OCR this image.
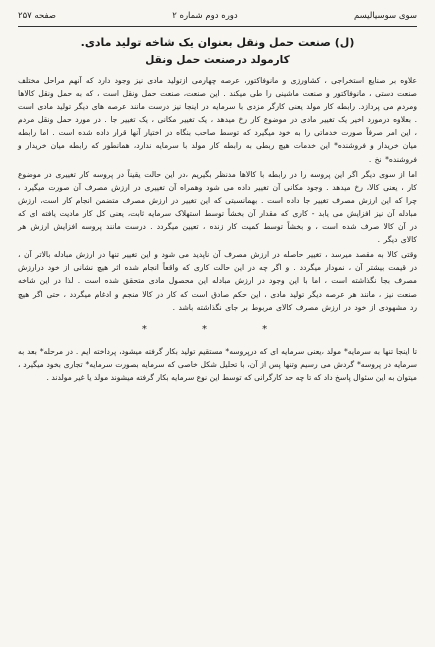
سوی سوسیالیسم
دوره دوم شماره ۲
صفحه ۲۵۷
(ل) صنعت حمل ونقل بعنوان یک شاخه تولید مادی.
کارمولد درصنعت حمل ونقل

علاوه بر صنایع استخراجی ، کشاورزی و مانوفاکتور، عرصه چهارمی ازتولید مادی نیز وجود دارد که آنهم مراحل مختلف صنعت دستی ، مانوفاکتور و صنعت ماشینی را طی میکند . این صنعت، صنعت حمل ونقل است ، که به حمل ونقل کالاها ومردم می پردازد. رابطه کار مولد یعنی کارگر مزدی با سرمایه در اینجا نیز درست مانند عرصه های دیگر تولید مادی است . بعلاوه درمورد اخیر یک تغییر مادی در موضوع کار رخ میدهد ، یک تغییر مکانی ، یک تغییر جا . در مورد حمل ونقل مردم ، این امر صرفاً صورت خدماتی را به خود میگیرد که توسط صاحب بنگاه در اختیار آنها قرار داده شده است . اما رابطه میان خریدار و فروشنده* این خدمات هیچ ربطی به رابطه کار مولد با سرمایه ندارد، همانطور که رابطه میان خریدار و فروشنده* نخ .

اما از سوی دیگر اگر این پروسه را در رابطه با کالاها مدنظر بگیریم ،در این حالت یقیناً در پروسه کار تغییری در موضوع کار ، یعنی کالا، رخ میدهد . وجود مکانی آن تغییر داده می شود وهمراه آن تغییری در ارزش مصرف آن صورت میگیرد ، چرا که این ارزش مصرف تغییر جا داده است . بهمانسبتی که این تغییر در ارزش مصرف متضمن انجام کار است، ارزش مبادله آن نیز افزایش می یابد - کاری که مقدار آن بخشاً توسط استهلاک سرمایه ثابت، یعنی کل کار مادیت یافته ای که در آن کالا صرف شده است ، و بخشاً توسط کمیت کار زنده ، تعیین میگردد . درست مانند پروسه افزایش ارزش هر کالای دیگر .

وقتی کالا به مقصد میرسد ، تغییر حاصله در ارزش مصرف آن ناپدید می شود و این تغییر تنها در ارزش مبادله بالاتر آن ، در قیمت بیشتر آن ، نمودار میگردد . و اگر چه در این حالت کاری که واقعاً انجام شده اثر هیچ نشانی از خود درارزش مصرف بجا نگذاشته است ، اما با این وجود در ارزش مبادله این محصول مادی متحقق شده است . لذا در این شاخه صنعت نیز ، مانند هر عرصه دیگر تولید مادی ، این حکم صادق است که کار در کالا منجم و ادغام میگردد ، حتی اگر هیچ رد مشهودی از خود در ارزش مصرف کالای مربوط بر جای نگذاشته باشد .

* * *

تا اینجا تنها به سرمایه* مولد ،یعنی سرمایه ای که درپروسه* مستقیم تولید بکار گرفته میشود، پرداخته ایم . در مرحله* بعد به سرمایه در پروسه* گردش می رسیم وتنها پس از آن، با تحلیل شکل خاصی که سرمایه بصورت سرمایه* تجاری بخود میگیرد ، میتوان به این سئوال پاسخ داد که تا چه حد کارگرانی که توسط این نوع سرمایه بکار گرفته میشوند مولد یا غیر مولدند .
